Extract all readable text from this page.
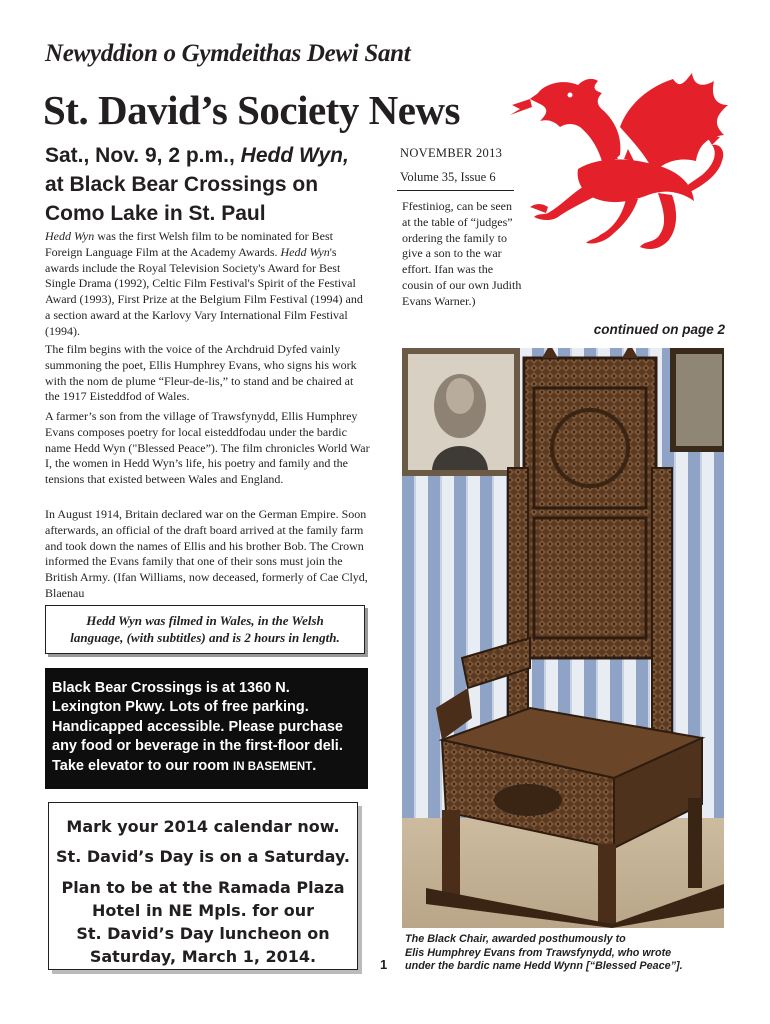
Newyddion o Gymdeithas Dewi Sant
St. David’s Society News
Sat., Nov. 9, 2 p.m., Hedd Wyn,
at Black Bear Crossings on
Como Lake in St. Paul
NOVEMBER 2013
Volume 35, Issue 6

Hedd Wyn was the first Welsh film to be nominated for Best Foreign Language Film at the Academy Awards. Hedd Wyn's awards include the Royal Television Society's Award for Best Single Drama (1992), Celtic Film Festival's Spirit of the Festival Award (1993), First Prize at the Belgium Film Festival (1994) and a section award at the Karlovy Vary International Film Festival (1994).

The film begins with the voice of the Archdruid Dyfed vainly summoning the poet, Ellis Humphrey Evans, who signs his work with the nom de plume “Fleur-de-lis,” to stand and be chaired at the 1917 Eisteddfod of Wales.

A farmer’s son from the village of Trawsfynydd, Ellis Humphrey Evans composes poetry for local eisteddfodau under the bardic name Hedd Wyn ("Blessed Peace”). The film chronicles World War I, the women in Hedd Wyn’s life, his poetry and family and the tensions that existed between Wales and England.

In August 1914, Britain declared war on the German Empire. Soon afterwards, an official of the draft board arrived at the family farm and took down the names of Ellis and his brother Bob. The Crown informed the Evans family that one of their sons must join the British Army. (Ifan Williams, now deceased, formerly of Cae Clyd, Blaenau

Ffestiniog, can be seen at the table of “judges” ordering the family to give a son to the war effort. Ifan was the cousin of our own Judith Evans Warner.)

continued on page 2
Hedd Wyn was filmed in Wales, in the Welsh
language, (with subtitles) and is 2 hours in length.
Black Bear Crossings is at 1360 N.
Lexington Pkwy. Lots of free parking.
Handicapped accessible. Please purchase
any food or beverage in the first-floor deli.
Take elevator to our room IN BASEMENT.
Mark your 2014 calendar now.
St. David’s Day is on a Saturday.
Plan to be at the Ramada Plaza
Hotel in NE Mpls. for our
St. David’s Day luncheon on
Saturday, March 1, 2014.
The Black Chair, awarded posthumously to
Elis Humphrey Evans from Trawsfynydd, who wrote
under the bardic name Hedd Wynn [“Blessed Peace”].
1
